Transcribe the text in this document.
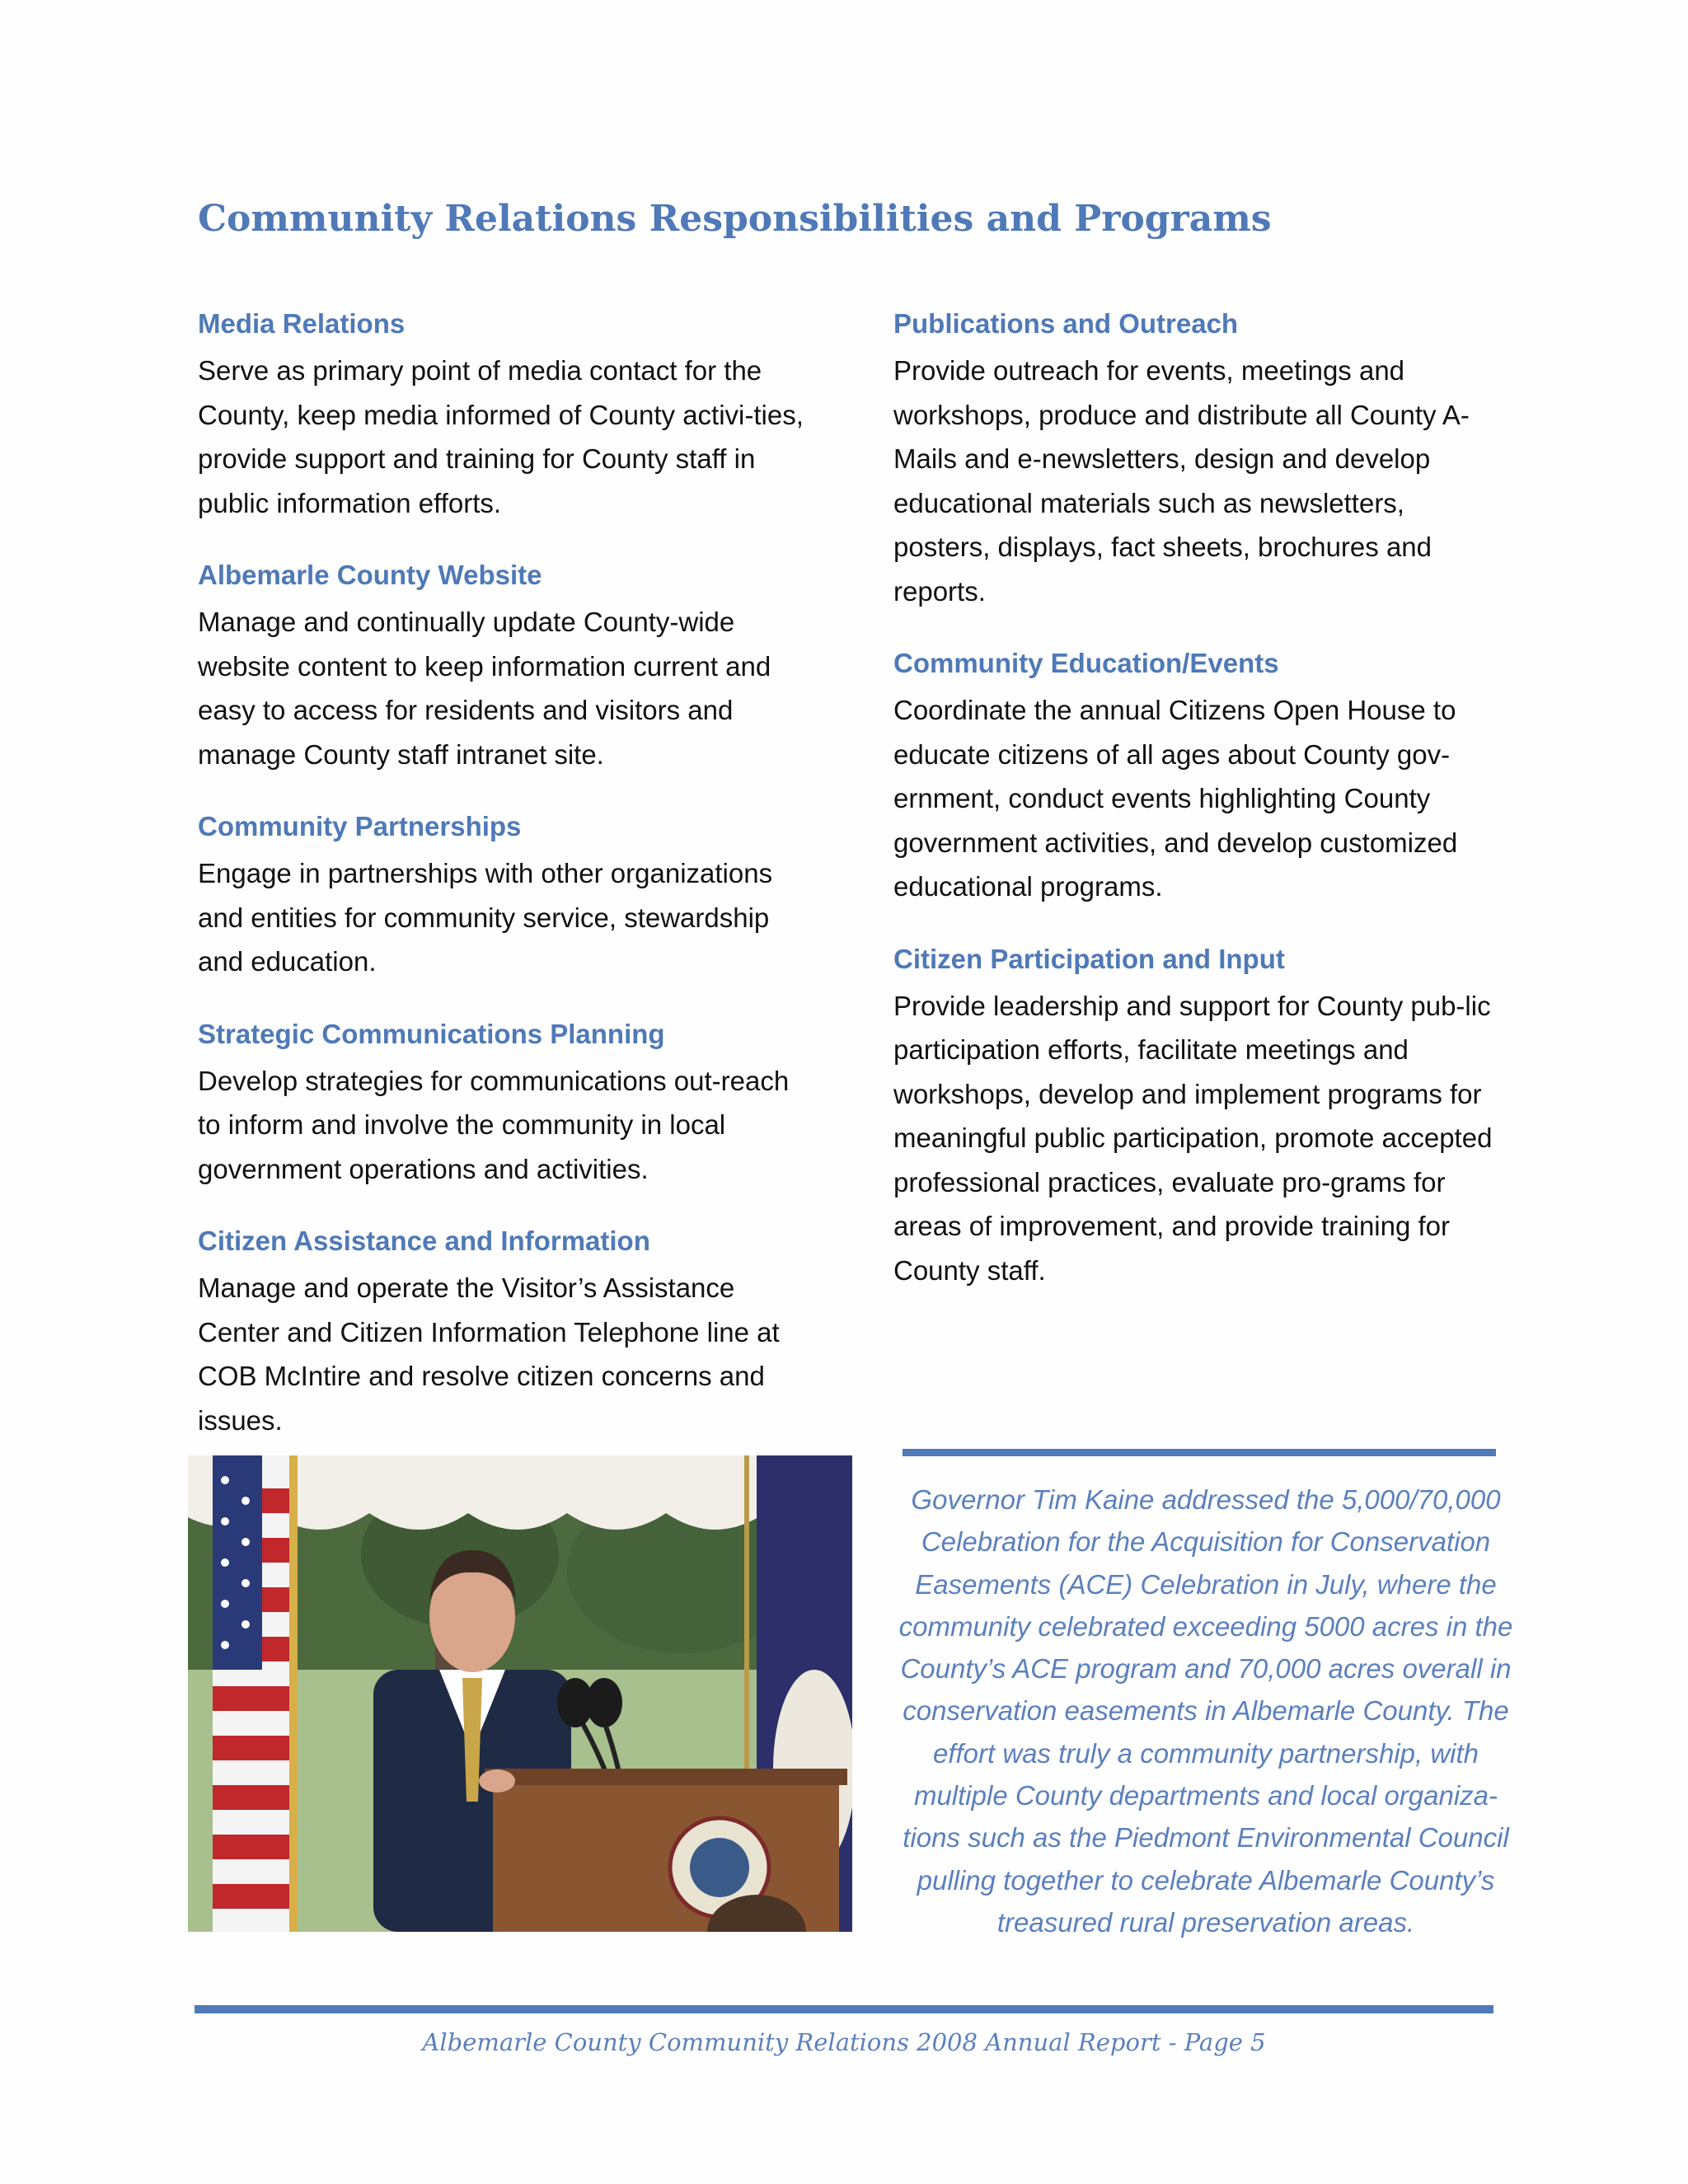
Community Relations Responsibilities and Programs
Media Relations

Serve as primary point of media contact for the County, keep media informed of County activi-ties, provide support and training for County staff in public information efforts.

Albemarle County Website

Manage and continually update County-wide website content to keep information current and easy to access for residents and visitors and manage County staff intranet site.

Community Partnerships

Engage in partnerships with other organizations and entities for community service, stewardship and education.

Strategic Communications Planning

Develop strategies for communications out-reach to inform and involve the community in local government operations and activities.

Citizen Assistance and Information

Manage and operate the Visitor’s Assistance Center and Citizen Information Telephone line at COB McIntire and resolve citizen concerns and issues.

Publications and Outreach

Provide outreach for events, meetings and workshops, produce and distribute all County A-Mails and e-newsletters, design and develop educational materials such as newsletters, posters, displays, fact sheets, brochures and reports.

Community Education/Events

Coordinate the annual Citizens Open House to educate citizens of all ages about County gov-ernment, conduct events highlighting County government activities, and develop customized educational programs.

Citizen Participation and Input

Provide leadership and support for County pub-lic participation efforts, facilitate meetings and workshops, develop and implement programs for meaningful public participation, promote accepted professional practices, evaluate pro-grams for areas of improvement, and provide training for County staff.

Governor Tim Kaine addressed the 5,000/70,000 Celebration for the Acquisition for Conservation Easements (ACE) Celebration in July, where the community celebrated exceeding 5000 acres in the County’s ACE program and 70,000 acres overall in conservation easements in Albemarle County. The effort was truly a community partnership, with multiple County departments and local organiza-tions such as the Piedmont Environmental Council pulling together to celebrate Albemarle County’s treasured rural preservation areas.

Albemarle County Community Relations 2008 Annual Report - Page 5
